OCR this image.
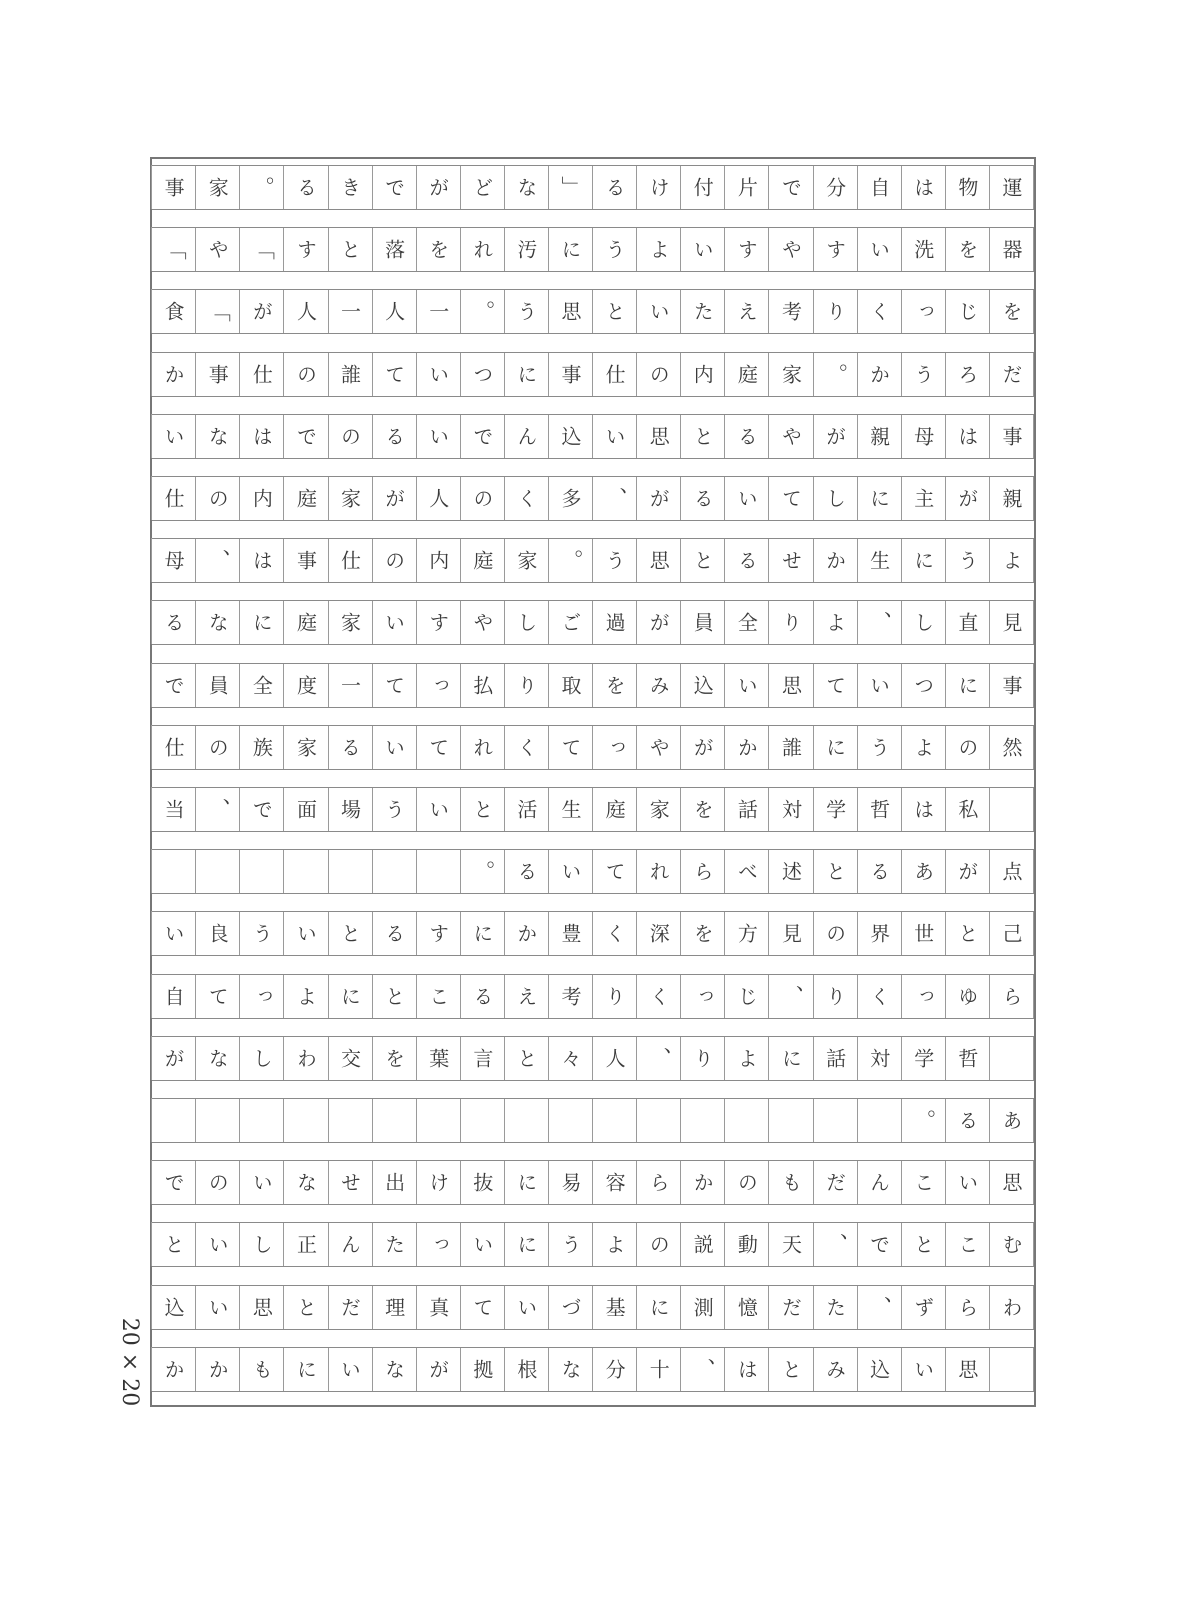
運
物
は
自
分
で
片
付
け
る
」
な
ど
が
で
き
る
。
家
事
器
を
洗
い
す
や
す
い
よ
う
に
汚
れ
を
落
と
す
「
や
「
を
じ
っ
く
り
考
え
た
い
と
思
う
。
一
人
一
人
が
「
食
だ
ろ
う
か
。
家
庭
内
の
仕
事
に
つ
い
て
誰
の
仕
事
か
事
は
母
親
が
や
る
と
思
い
込
ん
で
い
る
の
で
は
な
い
親
が
主
に
し
て
い
る
が
、
多
く
の
人
が
家
庭
内
の
仕
よ
う
に
生
か
せ
る
と
思
う
。
家
庭
内
の
仕
事
は
、
母
見
直
し
、
よ
り
全
員
が
過
ご
し
や
す
い
家
庭
に
な
る
事
に
つ
い
て
思
い
込
み
を
取
り
払
っ
て
一
度
全
員
で
然
の
よ
う
に
誰
か
が
や
っ
て
く
れ
て
い
る
家
族
の
仕
私
は
哲
学
対
話
を
家
庭
生
活
と
い
う
場
面
で
、
当
点
が
あ
る
と
述
べ
ら
れ
て
い
る
。
己
と
世
界
の
見
方
を
深
く
豊
か
に
す
る
と
い
う
良
い
ら
ゆ
っ
く
り
、
じ
っ
く
り
考
え
る
こ
と
に
よ
っ
て
自
哲
学
対
話
に
よ
り
、
人
々
と
言
葉
を
交
わ
し
な
が
あ
る
。
思
い
こ
ん
だ
も
の
か
ら
容
易
に
抜
け
出
せ
な
い
の
で
む
こ
と
で
、
天
動
説
の
よ
う
に
い
っ
た
ん
正
し
い
と
わ
ら
ず
、
た
だ
憶
測
に
基
づ
い
て
真
理
だ
と
思
い
込
思
い
込
み
と
は
、
十
分
な
根
拠
が
な
い
に
も
か
か
20 × 20
